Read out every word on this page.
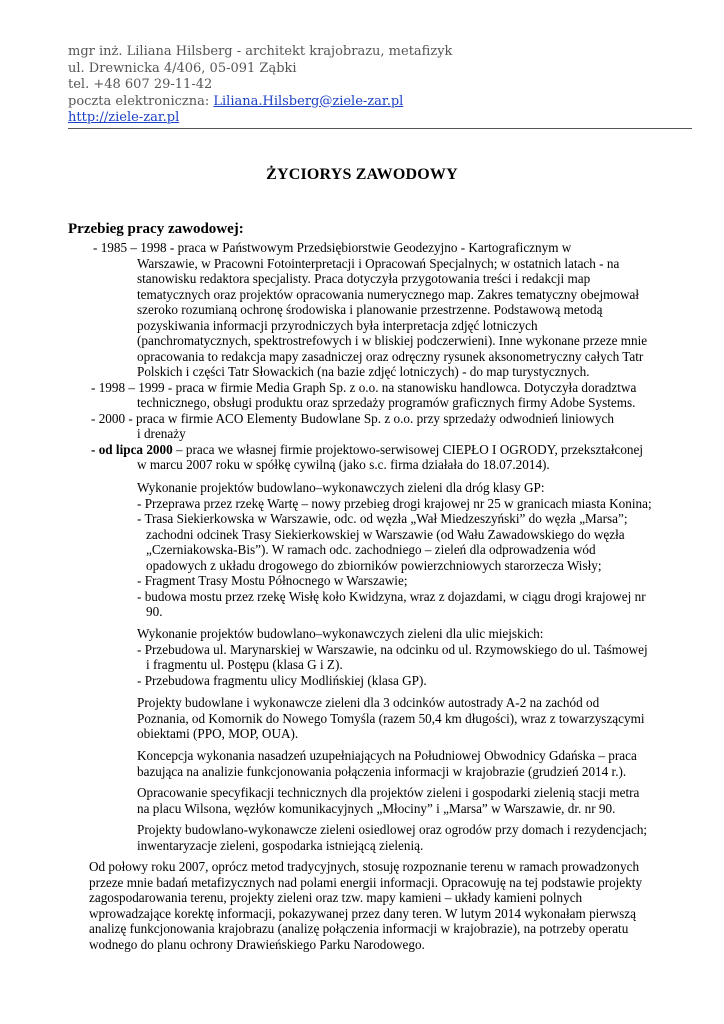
mgr inż. Liliana Hilsberg - architekt krajobrazu, metafizyk
ul. Drewnicka 4/406, 05-091 Ząbki
tel. +48 607 29-11-42
poczta elektroniczna: Liliana.Hilsberg@ziele-zar.pl
http://ziele-zar.pl
ŻYCIORYS ZAWODOWY
Przebieg pracy zawodowej:
- 1985 – 1998 - praca w Państwowym Przedsiębiorstwie Geodezyjno - Kartograficznym w
Warszawie, w Pracowni Fotointerpretacji i Opracowań Specjalnych; w ostatnich latach - na
stanowisku redaktora specjalisty. Praca dotyczyła przygotowania treści i redakcji map
tematycznych oraz projektów opracowania numerycznego map. Zakres tematyczny obejmował
szeroko rozumianą ochronę środowiska i planowanie przestrzenne. Podstawową metodą
pozyskiwania informacji przyrodniczych była interpretacja zdjęć lotniczych
(panchromatycznych, spektrostrefowych i w bliskiej podczerwieni). Inne wykonane przeze mnie
opracowania to redakcja mapy zasadniczej oraz odręczny rysunek aksonometryczny całych Tatr
Polskich i części Tatr Słowackich (na bazie zdjęć lotniczych) - do map turystycznych.
- 1998 – 1999 - praca w firmie Media Graph Sp. z o.o. na stanowisku handlowca. Dotyczyła doradztwa
technicznego, obsługi produktu oraz sprzedaży programów graficznych firmy Adobe Systems.
- 2000 - praca w firmie ACO Elementy Budowlane Sp. z o.o. przy sprzedaży odwodnień liniowych
i drenaży
- od lipca 2000 – praca we własnej firmie projektowo-serwisowej CIEPŁO I OGRODY, przekształconej
w marcu 2007 roku w spółkę cywilną (jako s.c. firma działała do 18.07.2014).
Wykonanie projektów budowlano–wykonawczych zieleni dla dróg klasy GP:
- Przeprawa przez rzekę Wartę – nowy przebieg drogi krajowej nr 25 w granicach miasta Konina;
- Trasa Siekierkowska w Warszawie, odc. od węzła „Wał Miedzeszyński” do węzła „Marsa”;
zachodni odcinek Trasy Siekierkowskiej w Warszawie (od Wału Zawadowskiego do węzła
„Czerniakowska-Bis”). W ramach odc. zachodniego – zieleń dla odprowadzenia wód
opadowych z układu drogowego do zbiorników powierzchniowych starorzecza Wisły;
- Fragment Trasy Mostu Północnego w Warszawie;
- budowa mostu przez rzekę Wisłę koło Kwidzyna, wraz z dojazdami, w ciągu drogi krajowej nr
90.
Wykonanie projektów budowlano–wykonawczych zieleni dla ulic miejskich:
- Przebudowa ul. Marynarskiej w Warszawie, na odcinku od ul. Rzymowskiego do ul. Taśmowej
i fragmentu ul. Postępu (klasa G i Z).
- Przebudowa fragmentu ulicy Modlińskiej (klasa GP).
Projekty budowlane i wykonawcze zieleni dla 3 odcinków autostrady A-2 na zachód od
Poznania, od Komornik do Nowego Tomyśla (razem 50,4 km długości), wraz z towarzyszącymi
obiektami (PPO, MOP, OUA).
Koncepcja wykonania nasadzeń uzupełniających na Południowej Obwodnicy Gdańska – praca
bazująca na analizie funkcjonowania połączenia informacji w krajobrazie (grudzień 2014 r.).
Opracowanie specyfikacji technicznych dla projektów zieleni i gospodarki zielenią stacji metra
na placu Wilsona, węzłów komunikacyjnych „Młociny” i „Marsa” w Warszawie, dr. nr 90.
Projekty budowlano-wykonawcze zieleni osiedlowej oraz ogrodów przy domach i rezydencjach;
inwentaryzacje zieleni, gospodarka istniejącą zielenią.
Od połowy roku 2007, oprócz metod tradycyjnych, stosuję rozpoznanie terenu w ramach prowadzonych
przeze mnie badań metafizycznych nad polami energii informacji. Opracowuję na tej podstawie projekty
zagospodarowania terenu, projekty zieleni oraz tzw. mapy kamieni – układy kamieni polnych
wprowadzające korektę informacji, pokazywanej przez dany teren. W lutym 2014 wykonałam pierwszą
analizę funkcjonowania krajobrazu (analizę połączenia informacji w krajobrazie), na potrzeby operatu
wodnego do planu ochrony Drawieńskiego Parku Narodowego.
